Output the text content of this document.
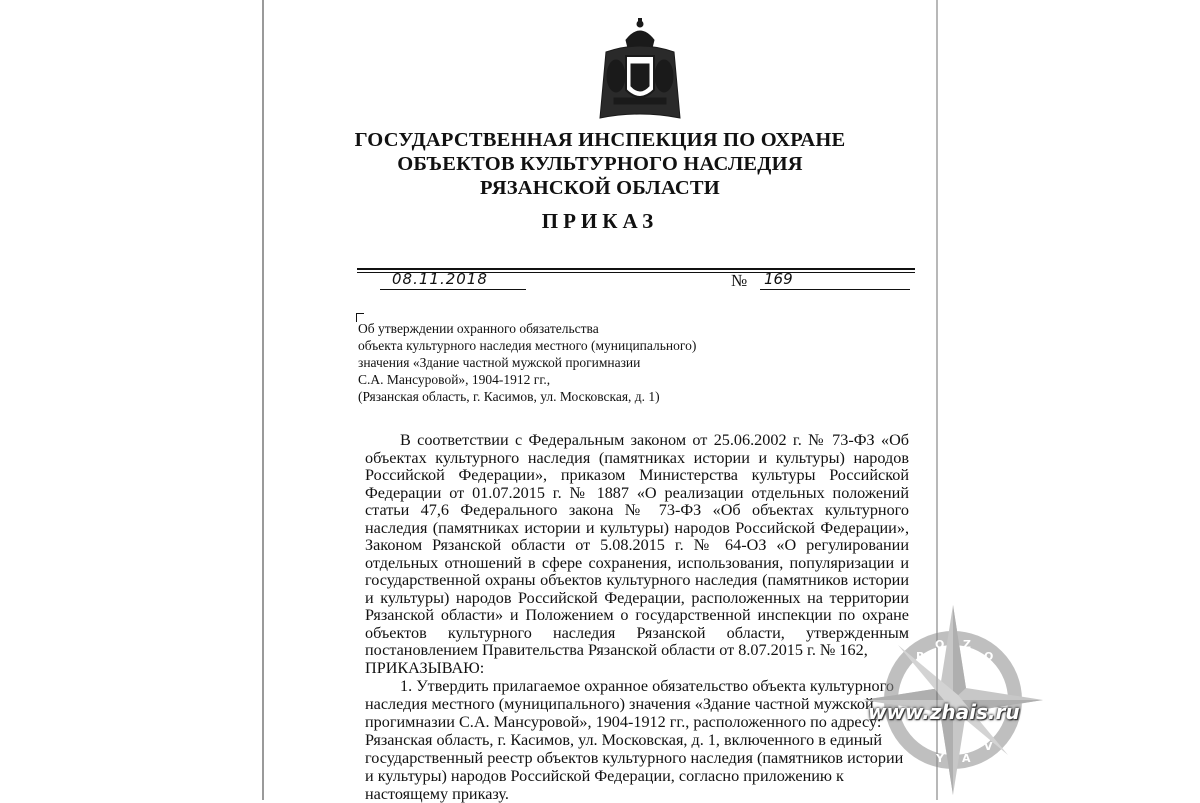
ГОСУДАРСТВЕННАЯ ИНСПЕКЦИЯ ПО ОХРАНЕ
ОБЪЕКТОВ КУЛЬТУРНОГО НАСЛЕДИЯ
РЯЗАНСКОЙ ОБЛАСТИ
ПРИКАЗ
08.11.2018	№ 169
Об утверждении охранного обязательства
объекта культурного наследия местного (муниципального)
значения «Здание частной мужской прогимназии
С.А. Мансуровой», 1904-1912 гг.,
(Рязанская область, г. Касимов, ул. Московская, д. 1)

В соответствии с Федеральным законом от 25.06.2002 г. № 73-ФЗ «Об объектах культурного наследия (памятниках истории и культуры) народов Российской Федерации», приказом Министерства культуры Российской Федерации от 01.07.2015 г. № 1887 «О реализации отдельных положений статьи 47,6 Федерального закона № 73-ФЗ «Об объектах культурного наследия (памятниках истории и культуры) народов Российской Федерации», Законом Рязанской области от 5.08.2015 г. № 64-ОЗ «О регулировании отдельных отношений в сфере сохранения, использования, популяризации и государственной охраны объектов культурного наследия (памятников истории и культуры) народов Российской Федерации, расположенных на территории Рязанской области» и Положением о государственной инспекции по охране объектов культурного наследия Рязанской области, утвержденным постановлением Правительства Рязанской области от 8.07.2015 г. № 162,

ПРИКАЗЫВАЮ:

1. Утвердить прилагаемое охранное обязательство объекта культурного
наследия местного (муниципального) значения «Здание частной мужской
прогимназии С.А. Мансуровой», 1904-1912 гг., расположенного по адресу:
Рязанская область, г. Касимов, ул. Московская, д. 1, включенного в единый
государственный реестр объектов культурного наследия (памятников истории
и культуры) народов Российской Федерации, согласно приложению к
настоящему приказу.
R
O Z
O
V
A
Y
www.zhais.ru
